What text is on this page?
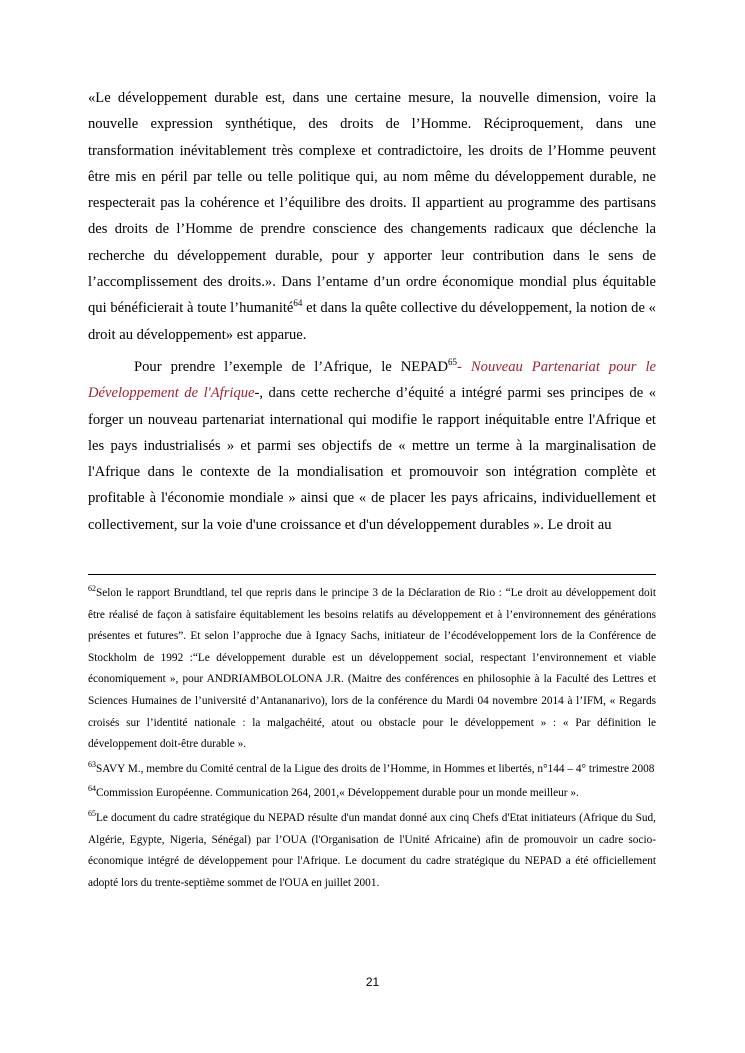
«Le développement durable est, dans une certaine mesure, la nouvelle dimension, voire la nouvelle expression synthétique, des droits de l’Homme. Réciproquement, dans une transformation inévitablement très complexe et contradictoire, les droits de l’Homme peuvent être mis en péril par telle ou telle politique qui, au nom même du développement durable, ne respecterait pas la cohérence et l’équilibre des droits. Il appartient au programme des partisans des droits de l’Homme de prendre conscience des changements radicaux que déclenche la recherche du développement durable, pour y apporter leur contribution dans le sens de l’accomplissement des droits.». Dans l’entame d’un ordre économique mondial plus équitable qui bénéficierait à toute l’humanité$^{64}$ et dans la quête collective du développement, la notion de « droit au développement» est apparue.

Pour prendre l’exemple de l’Afrique, le NEPAD$^{65}$- Nouveau Partenariat pour le Développement de l'Afrique-, dans cette recherche d’équité a intégré parmi ses principes de « forger un nouveau partenariat international qui modifie le rapport inéquitable entre l'Afrique et les pays industrialisés » et parmi ses objectifs de « mettre un terme à la marginalisation de l'Afrique dans le contexte de la mondialisation et promouvoir son intégration complète et profitable à l'économie mondiale » ainsi que « de placer les pays africains, individuellement et collectivement, sur la voie d'une croissance et d'un développement durables ». Le droit au

$^{62}$Selon le rapport Brundtland, tel que repris dans le principe 3 de la Déclaration de Rio : “Le droit au développement doit être réalisé de façon à satisfaire équitablement les besoins relatifs au développement et à l’environnement des générations présentes et futures”. Et selon l’approche due à Ignacy Sachs, initiateur de l’écodéveloppement lors de la Conférence de Stockholm de 1992 :“Le développement durable est un développement social, respectant l’environnement et viable économiquement », pour ANDRIAMBOLOLONA J.R. (Maitre des conférences en philosophie à la Faculté des Lettres et Sciences Humaines de l’université d’Antananarivo), lors de la conférence du Mardi 04 novembre 2014 à l’IFM, « Regards croisés sur l’identité nationale : la malgachéité, atout ou obstacle pour le développement » : « Par définition le développement doit-être durable ».

$^{63}$SAVY M., membre du Comité central de la Ligue des droits de l’Homme, in Hommes et libertés, n°144 – 4° trimestre 2008

$^{64}$Commission Européenne. Communication 264, 2001,« Développement durable pour un monde meilleur ».

$^{65}$Le document du cadre stratégique du NEPAD résulte d'un mandat donné aux cinq Chefs d'Etat initiateurs (Afrique du Sud, Algérie, Egypte, Nigeria, Sénégal) par l’OUA (l'Organisation de l'Unité Africaine) afin de promouvoir un cadre socio-économique intégré de développement pour l'Afrique. Le document du cadre stratégique du NEPAD a été officiellement adopté lors du trente-septième sommet de l'OUA en juillet 2001.

21
